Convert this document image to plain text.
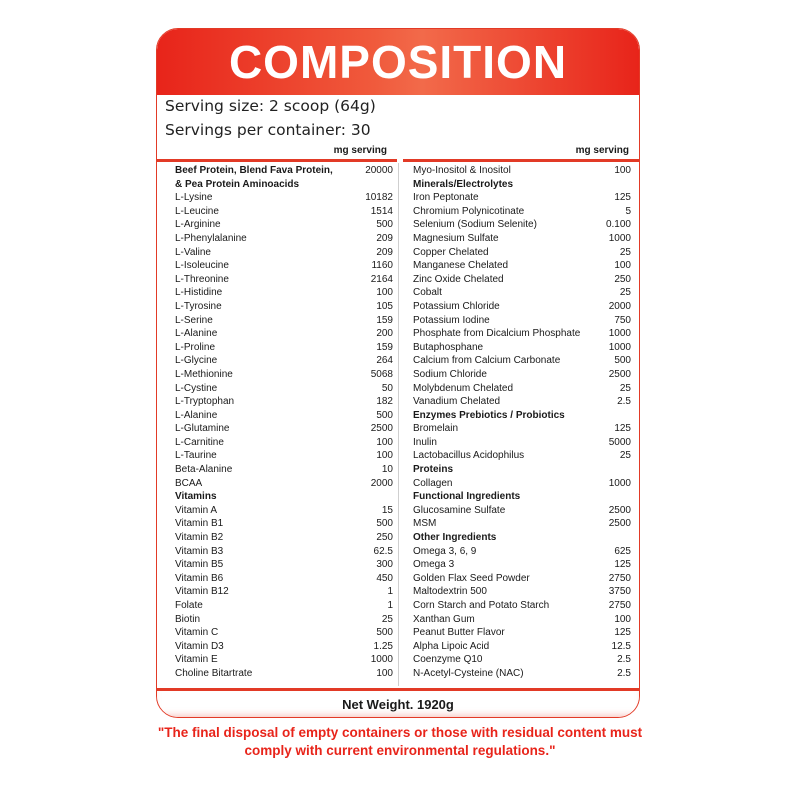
COMPOSITION
Serving size: 2 scoop (64g)
Servings per container: 30
mg serving	mg serving
Beef Protein, Blend Fava Protein,	20000
& Pea Protein Aminoacids
L-Lysine	10182
L-Leucine	1514
L-Arginine	500
L-Phenylalanine	209
L-Valine	209
L-Isoleucine	1160
L-Threonine	2164
L-Histidine	100
L-Tyrosine	105
L-Serine	159
L-Alanine	200
L-Proline	159
L-Glycine	264
L-Methionine	5068
L-Cystine	50
L-Tryptophan	182
L-Alanine	500
L-Glutamine	2500
L-Carnitine	100
L-Taurine	100
Beta-Alanine	10
BCAA	2000
Vitamins
Vitamin A	15
Vitamin B1	500
Vitamin B2	250
Vitamin B3	62.5
Vitamin B5	300
Vitamin B6	450
Vitamin B12	1
Folate	1
Biotin	25
Vitamin C	500
Vitamin D3	1.25
Vitamin E	1000
Choline Bitartrate	100
Myo-Inositol & Inositol	100
Minerals/Electrolytes
Iron Peptonate	125
Chromium Polynicotinate	5
Selenium (Sodium Selenite)	0.100
Magnesium Sulfate	1000
Copper Chelated	25
Manganese Chelated	100
Zinc Oxide Chelated	250
Cobalt	25
Potassium Chloride	2000
Potassium Iodine	750
Phosphate from Dicalcium Phosphate	1000
Butaphosphane	1000
Calcium from Calcium Carbonate	500
Sodium Chloride	2500
Molybdenum Chelated	25
Vanadium Chelated	2.5
Enzymes Prebiotics / Probiotics
Bromelain	125
Inulin	5000
Lactobacillus Acidophilus	25
Proteins
Collagen	1000
Functional Ingredients
Glucosamine Sulfate	2500
MSM	2500
Other Ingredients
Omega 3, 6, 9	625
Omega 3	125
Golden Flax Seed Powder	2750
Maltodextrin 500	3750
Corn Starch and Potato Starch	2750
Xanthan Gum	100
Peanut Butter Flavor	125
Alpha Lipoic Acid	12.5
Coenzyme Q10	2.5
N-Acetyl-Cysteine (NAC)	2.5
Net Weight. 1920g
"The final disposal of empty containers or those with residual content must comply with current environmental regulations."
